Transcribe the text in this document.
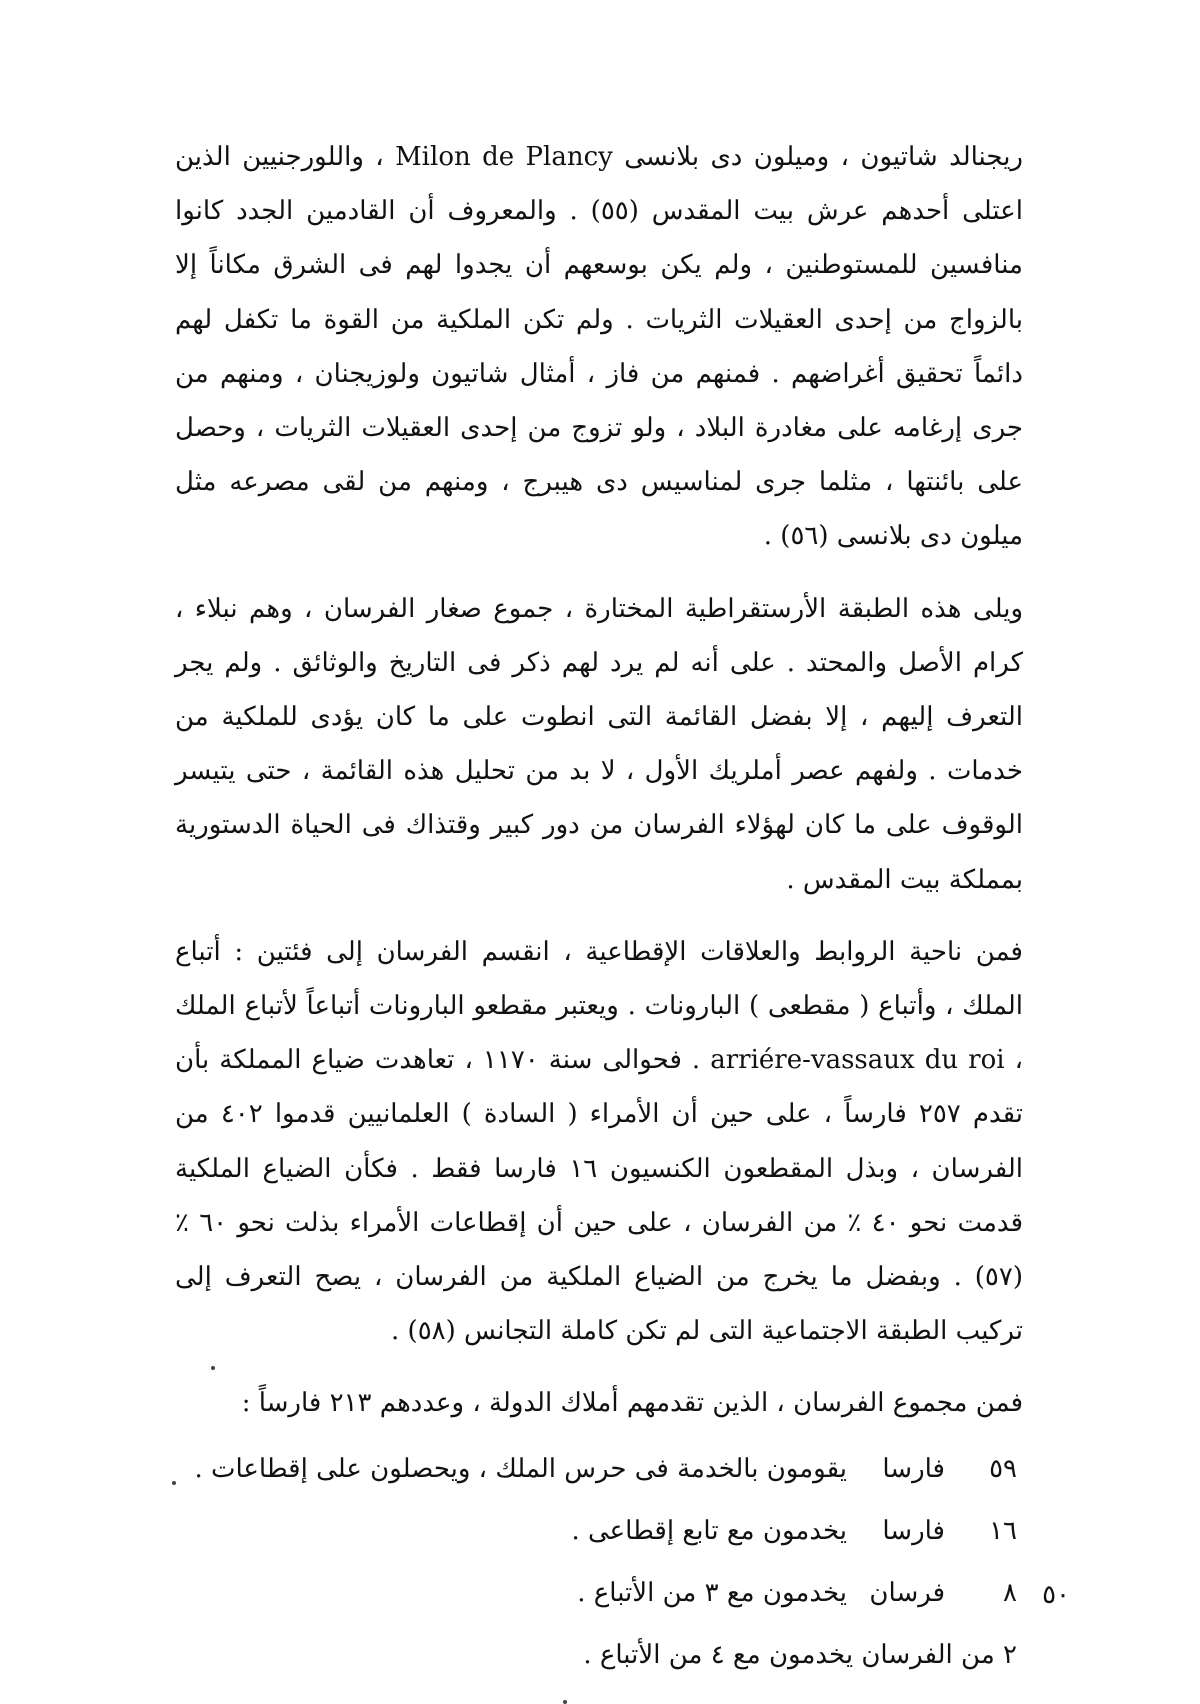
ريجنالد شاتيون ، وميلون دى بلانسى Milon de Plancy ، واللورجنيين الذين اعتلى أحدهم عرش بيت المقدس (٥٥) . والمعروف أن القادمين الجدد كانوا منافسين للمستوطنين ، ولم يكن بوسعهم أن يجدوا لهم فى الشرق مكاناً إلا بالزواج من إحدى العقيلات الثريات . ولم تكن الملكية من القوة ما تكفل لهم دائماً تحقيق أغراضهم . فمنهم من فاز ، أمثال شاتيون ولوزيجنان ، ومنهم من جرى إرغامه على مغادرة البلاد ، ولو تزوج من إحدى العقيلات الثريات ، وحصل على بائنتها ، مثلما جرى لمناسيس دى هيبرج ، ومنهم من لقى مصرعه مثل ميلون دى بلانسى (٥٦) .

ويلى هذه الطبقة الأرستقراطية المختارة ، جموع صغار الفرسان ، وهم نبلاء ، كرام الأصل والمحتد . على أنه لم يرد لهم ذكر فى التاريخ والوثائق . ولم يجر التعرف إليهم ، إلا بفضل القائمة التى انطوت على ما كان يؤدى للملكية من خدمات . ولفهم عصر أملريك الأول ، لا بد من تحليل هذه القائمة ، حتى يتيسر الوقوف على ما كان لهؤلاء الفرسان من دور كبير وقتذاك فى الحياة الدستورية بمملكة بيت المقدس .

فمن ناحية الروابط والعلاقات الإقطاعية ، انقسم الفرسان إلى فئتين : أتباع الملك ، وأتباع ( مقطعى ) البارونات . ويعتبر مقطعو البارونات أتباعاً لأتباع الملك ، arriére-vassaux du roi . فحوالى سنة ١١٧٠ ، تعاهدت ضياع المملكة بأن تقدم ٢٥٧ فارساً ، على حين أن الأمراء ( السادة ) العلمانيين قدموا ٤٠٢ من الفرسان ، وبذل المقطعون الكنسيون ١٦ فارسا فقط . فكأن الضياع الملكية قدمت نحو ٤٠ ٪ من الفرسان ، على حين أن إقطاعات الأمراء بذلت نحو ٦٠ ٪ (٥٧) . وبفضل ما يخرج من الضياع الملكية من الفرسان ، يصح التعرف إلى تركيب الطبقة الاجتماعية التى لم تكن كاملة التجانس (٥٨) .

فمن مجموع الفرسان ، الذين تقدمهم أملاك الدولة ، وعددهم ٢١٣ فارساً :

٥٩
فارسا
يقومون بالخدمة فى حرس الملك ، ويحصلون على إقطاعات .
١٦
فارسا
يخدمون مع تابع إقطاعى .
٨
فرسان
يخدمون مع ٣ من الأتباع .
٢ من الفرسان يخدمون مع ٤ من الأتباع .
٥٠
